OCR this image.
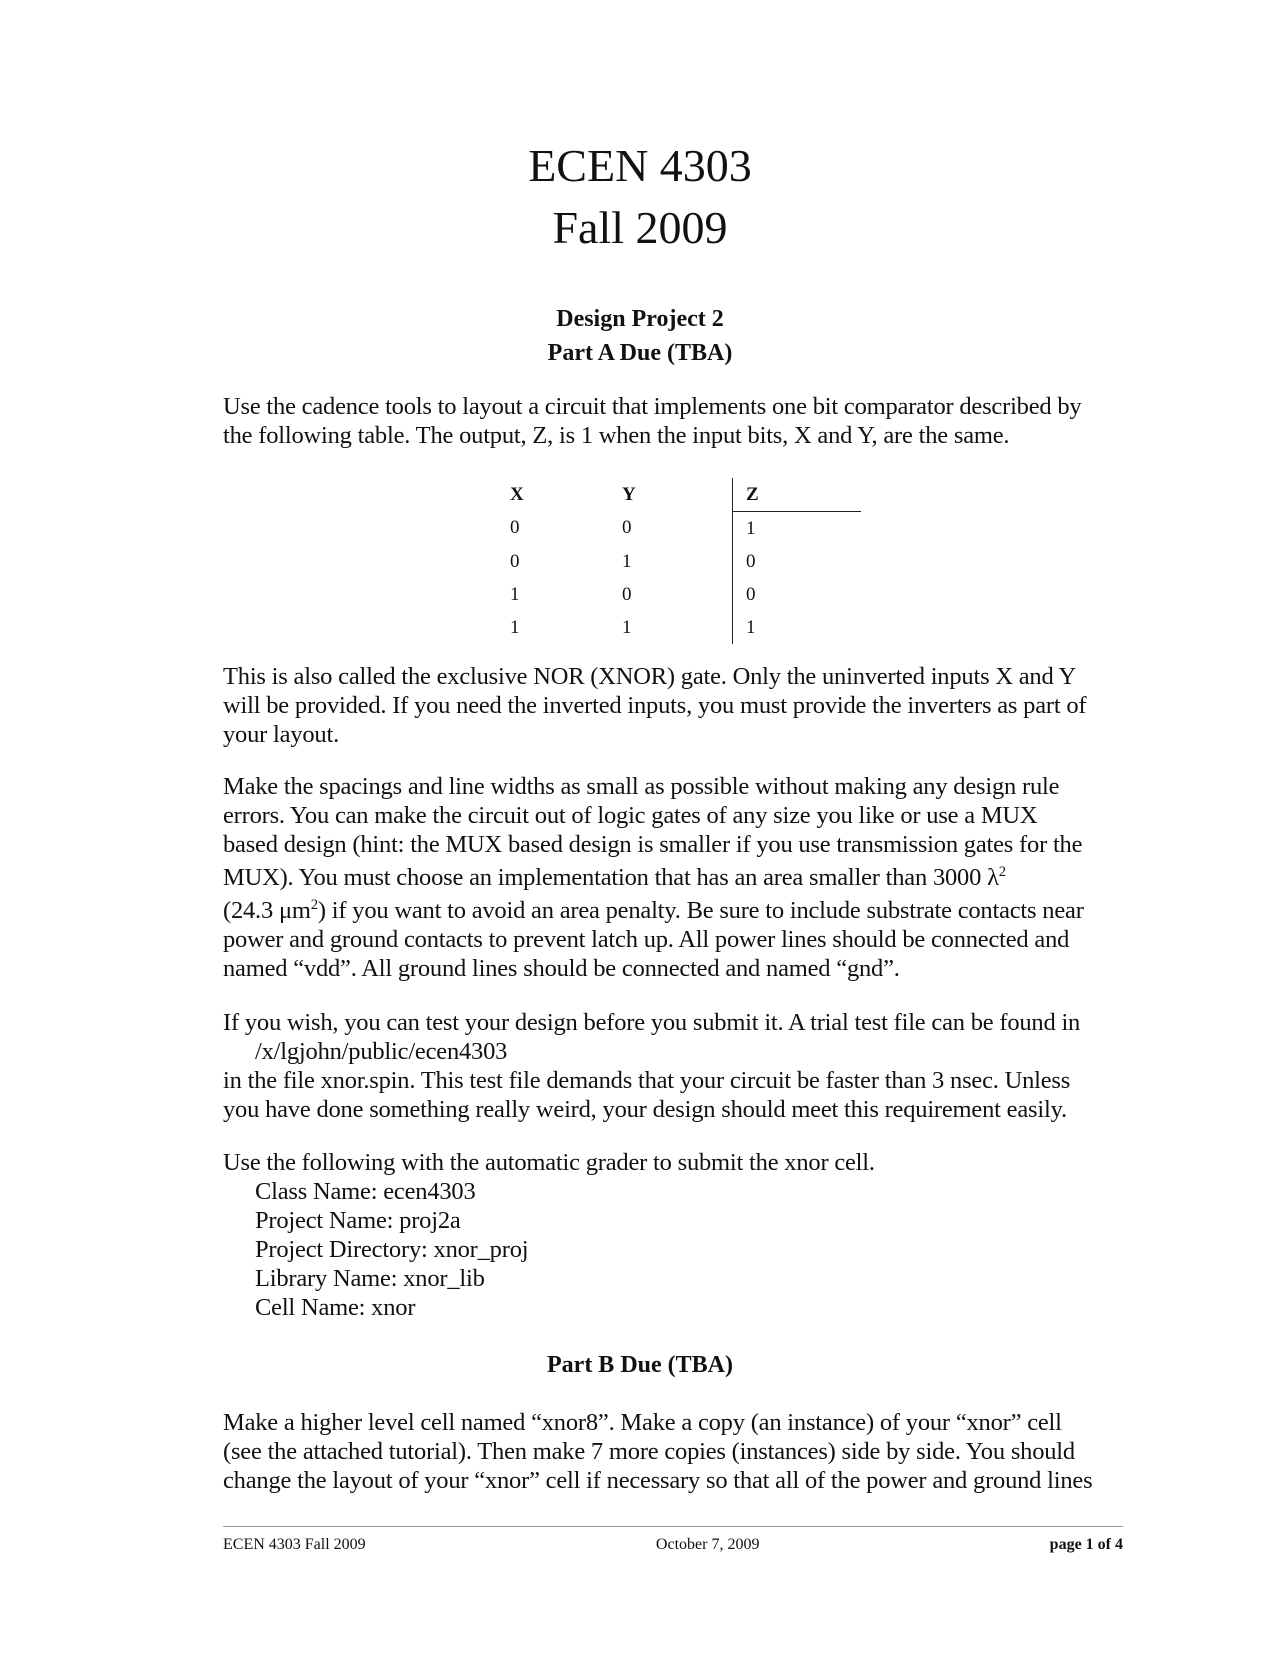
ECEN 4303
Fall 2009
Design Project 2
Part A Due (TBA)

Use the cadence tools to layout a circuit that implements one bit comparator described by

the following table. The output, Z, is 1 when the input bits, X and Y, are the same.

X	Y	Z
0	0	1
0	1	0
1	0	0
1	1	1

This is also called the exclusive NOR (XNOR) gate. Only the uninverted inputs X and Y

will be provided. If you need the inverted inputs, you must provide the inverters as part of

your layout.

Make the spacings and line widths as small as possible without making any design rule

errors. You can make the circuit out of logic gates of any size you like or use a MUX

based design (hint: the MUX based design is smaller if you use transmission gates for the

MUX). You must choose an implementation that has an area smaller than 3000 $\lambda^2$

(24.3 $\mu m^2$) if you want to avoid an area penalty. Be sure to include substrate contacts near

power and ground contacts to prevent latch up. All power lines should be connected and

named “vdd”. All ground lines should be connected and named “gnd”.

If you wish, you can test your design before you submit it. A trial test file can be found in

/x/lgjohn/public/ecen4303

in the file xnor.spin. This test file demands that your circuit be faster than 3 nsec. Unless

you have done something really weird, your design should meet this requirement easily.

Use the following with the automatic grader to submit the xnor cell.

Class Name: ecen4303

Project Name: proj2a

Project Directory: xnor_proj

Library Name: xnor_lib

Cell Name: xnor

Part B Due (TBA)

Make a higher level cell named “xnor8”. Make a copy (an instance) of your “xnor” cell

(see the attached tutorial). Then make 7 more copies (instances) side by side. You should

change the layout of your “xnor” cell if necessary so that all of the power and ground lines

ECEN 4303 Fall 2009	October 7, 2009	page 1 of 4
